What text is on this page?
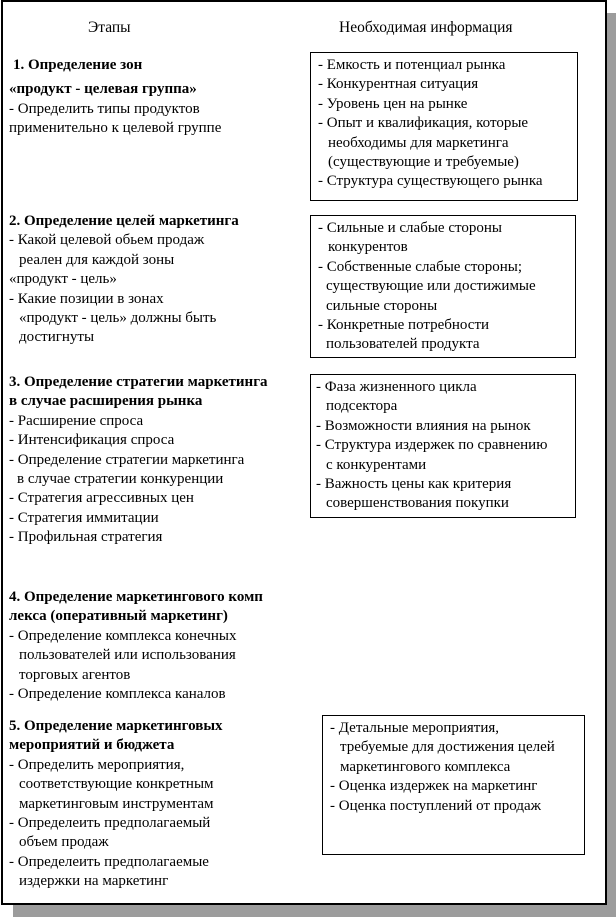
Этапы	Необходимая информация
1. Определение зон
«продукт - целевая группа»
- Определить типы продуктов
применительно к целевой группе
- Емкость и потенциал рынка
- Конкурентная ситуация
- Уровень цен на рынке
- Опыт и квалификация, которые
необходимы для маркетинга
(существующие и требуемые)
- Структура существующего рынка
2. Определение целей маркетинга
- Какой целевой обьем продаж
реален для каждой зоны
«продукт - цель»
- Какие позиции в зонах
«продукт - цель» должны быть
достигнуты
- Сильные и слабые стороны
конкурентов
- Собственные слабые стороны;
существующие или достижимые
сильные стороны
- Конкретные потребности
пользователей продукта
3. Определение стратегии маркетинга
в случае расширения рынка
- Расширение спроса
- Интенсификация спроса
- Определение стратегии маркетинга
в случае стратегии конкуренции
- Стратегия агрессивных цен
- Стратегия иммитации
- Профильная стратегия
- Фаза жизненного цикла
подсектора
- Возможности влияния на рынок
- Структура издержек по сравнению
с конкурентами
- Важность цены как критерия
совершенствования покупки
4. Определение маркетингового комп
лекса (оперативный маркетинг)
- Определение комплекса конечных
пользователей или использования
торговых агентов
- Определение комплекса каналов
5. Определение маркетинговых
мероприятий и бюджета
- Определить мероприятия,
соответствующие конкретным
маркетинговым инструментам
- Определеить предполагаемый
объем продаж
- Определеить предполагаемые
издержки на маркетинг
- Детальные мероприятия,
требуемые для достижения целей
маркетингового комплекса
- Оценка издержек на маркетинг
- Оценка поступлений от продаж
